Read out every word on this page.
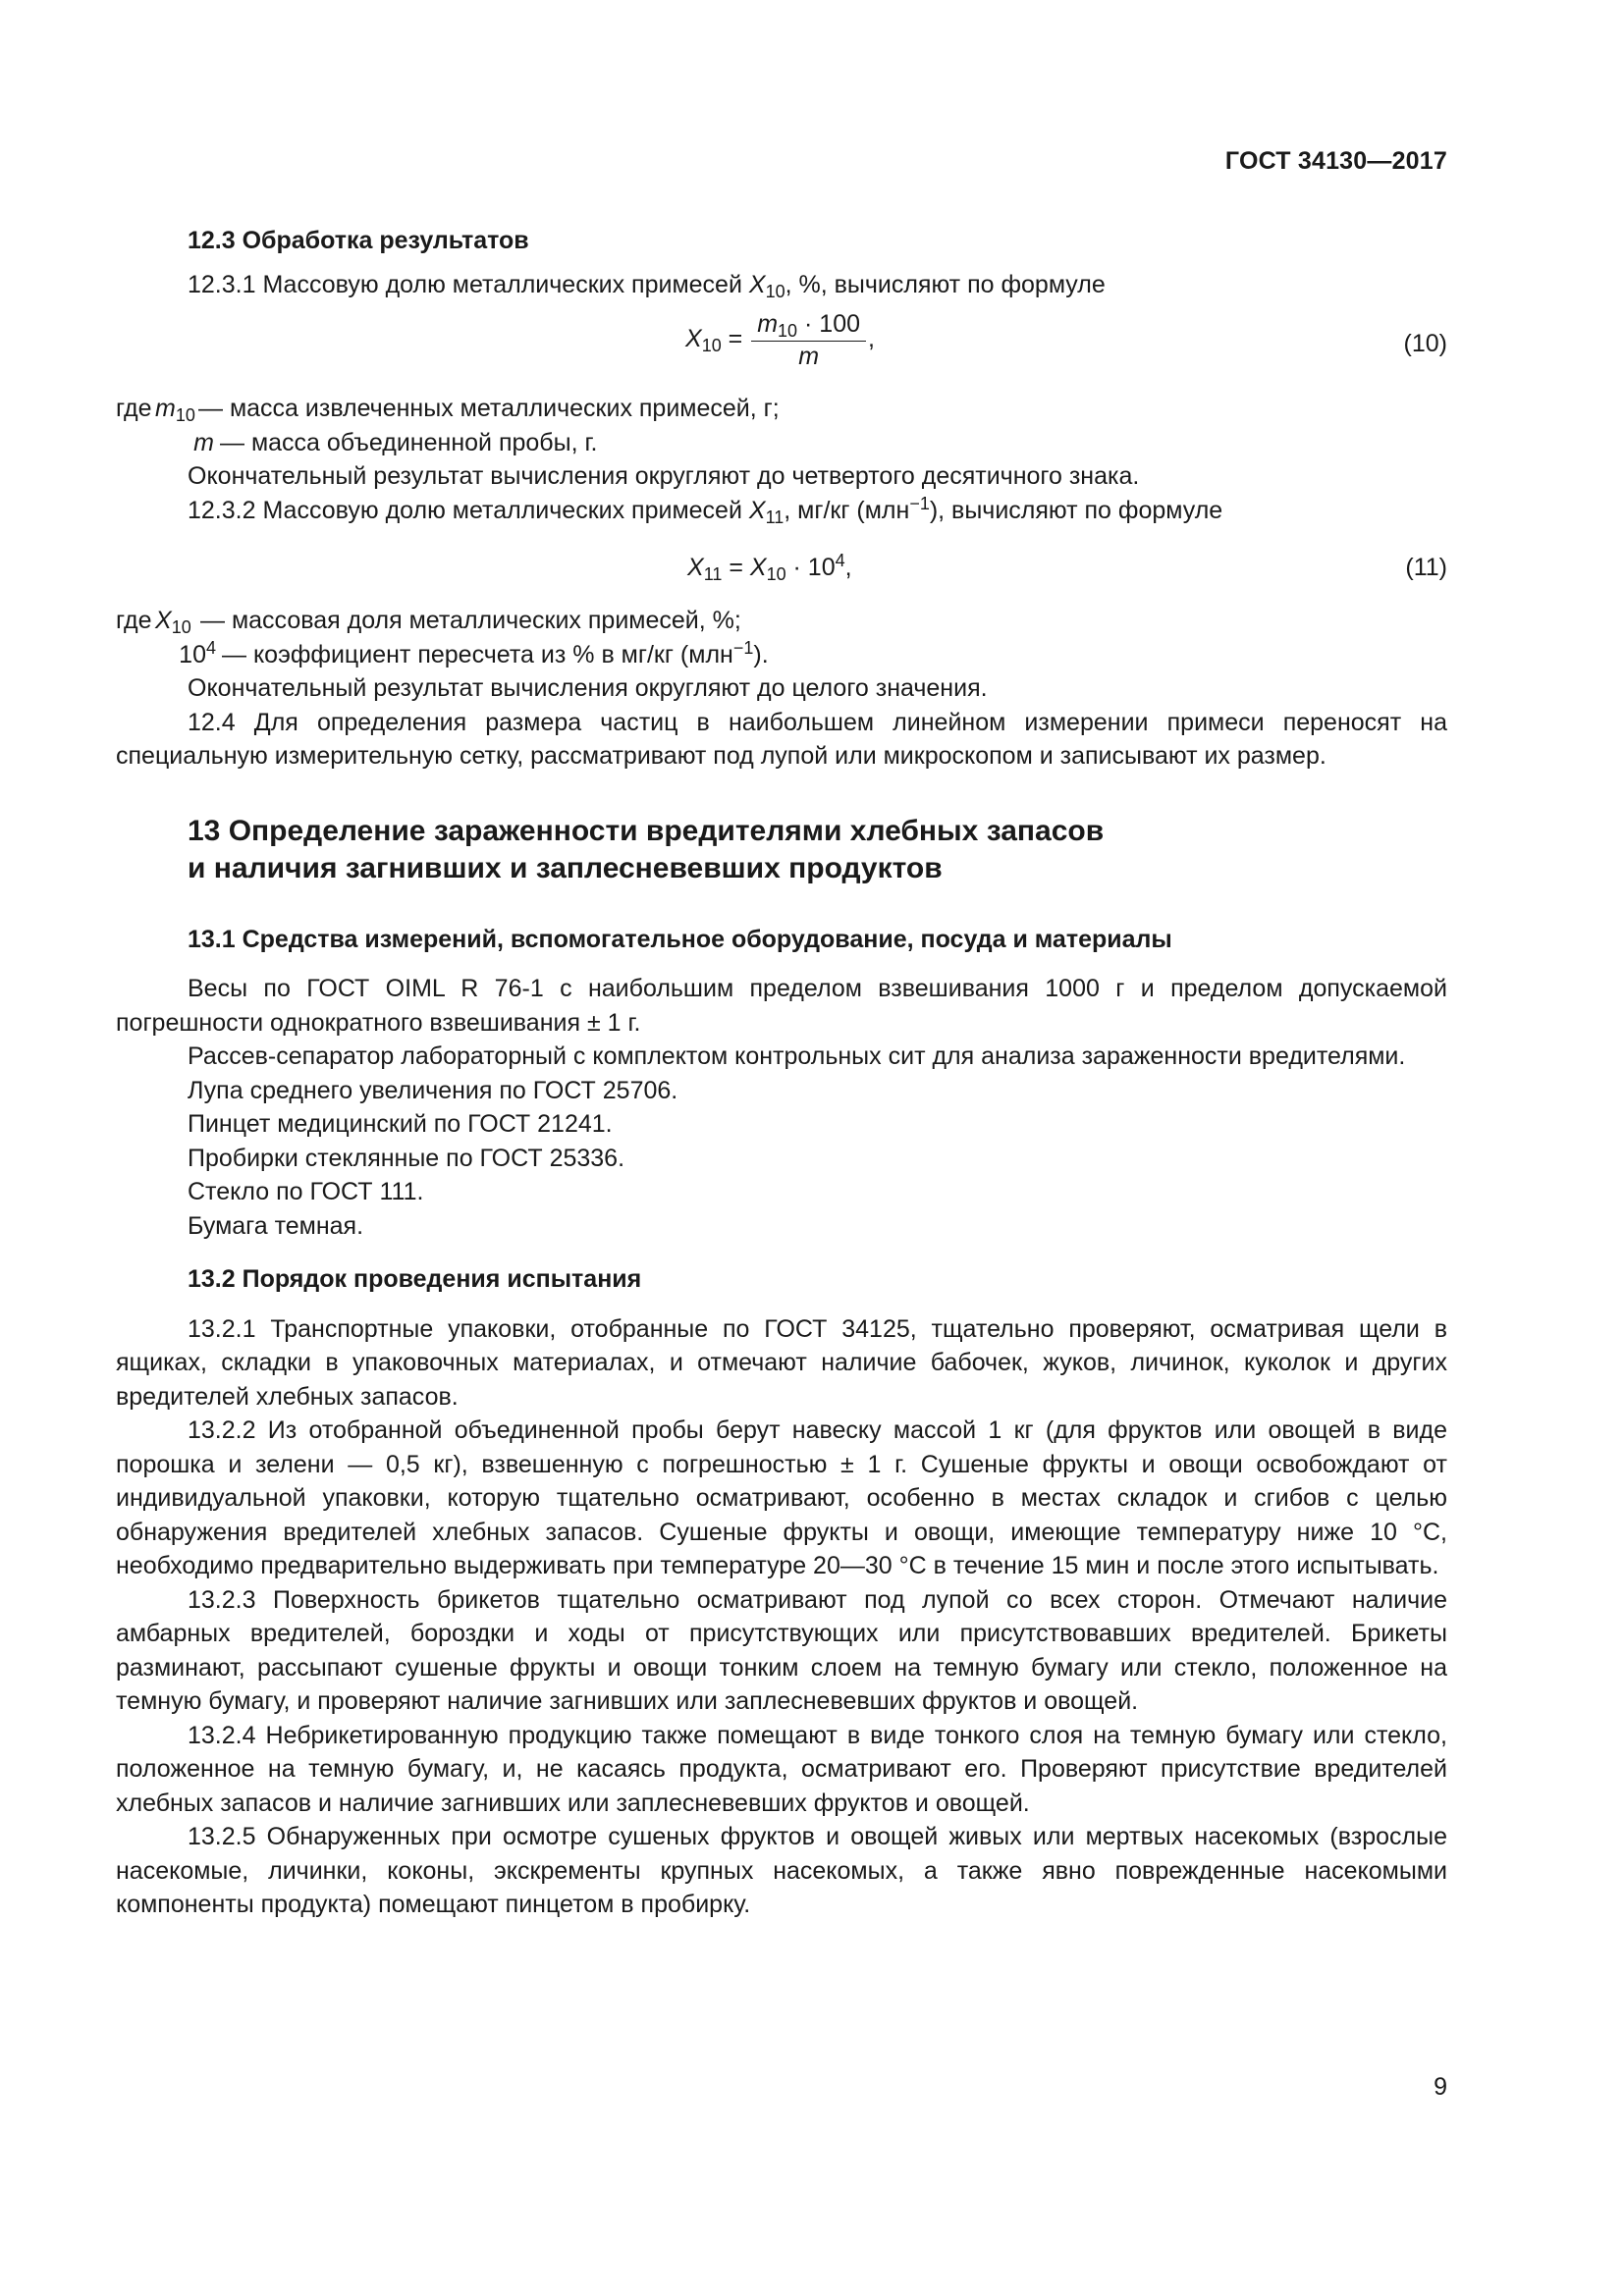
ГОСТ 34130—2017

12.3 Обработка результатов

12.3.1 Массовую долю металлических примесей $X_{10}$, %, вычисляют по формуле

$X_{10} = \frac{m_{10} \cdot 100}{m}$ ,	(10)
где $m_{10}$ — масса извлеченных металлических примесей, г;
m — масса объединенной пробы, г.

Окончательный результат вычисления округляют до четвертого десятичного знака.

12.3.2 Массовую долю металлических примесей $X_{11}$, мг/кг (млн$^{-1}$), вычисляют по формуле

$X_{11} = X_{10} \cdot 10^4$,	(11)
где $X_{10}$ — массовая доля металлических примесей, %;
$10^4$ — коэффициент пересчета из % в мг/кг (млн$^{-1}$).

Окончательный результат вычисления округляют до целого значения.

12.4 Для определения размера частиц в наибольшем линейном измерении примеси переносят на специальную измерительную сетку, рассматривают под лупой или микроскопом и записывают их размер.

13 Определение зараженности вредителями хлебных запасов
и наличия загнивших и заплесневевших продуктов

13.1 Средства измерений, вспомогательное оборудование, посуда и материалы

Весы по ГОСТ OIML R 76-1 с наибольшим пределом взвешивания 1000 г и пределом допускаемой погрешности однократного взвешивания ± 1 г.

Рассев-сепаратор лабораторный с комплектом контрольных сит для анализа зараженности вредителями.

Лупа среднего увеличения по ГОСТ 25706.

Пинцет медицинский по ГОСТ 21241.

Пробирки стеклянные по ГОСТ 25336.

Стекло по ГОСТ 111.

Бумага темная.

13.2 Порядок проведения испытания

13.2.1 Транспортные упаковки, отобранные по ГОСТ 34125, тщательно проверяют, осматривая щели в ящиках, складки в упаковочных материалах, и отмечают наличие бабочек, жуков, личинок, куколок и других вредителей хлебных запасов.

13.2.2 Из отобранной объединенной пробы берут навеску массой 1 кг (для фруктов или овощей в виде порошка и зелени — 0,5 кг), взвешенную с погрешностью ± 1 г. Сушеные фрукты и овощи освобождают от индивидуальной упаковки, которую тщательно осматривают, особенно в местах складок и сгибов с целью обнаружения вредителей хлебных запасов. Сушеные фрукты и овощи, имеющие температуру ниже 10 °С, необходимо предварительно выдерживать при температуре 20—30 °С в течение 15 мин и после этого испытывать.

13.2.3 Поверхность брикетов тщательно осматривают под лупой со всех сторон. Отмечают наличие амбарных вредителей, бороздки и ходы от присутствующих или присутствовавших вредителей. Брикеты разминают, рассыпают сушеные фрукты и овощи тонким слоем на темную бумагу или стекло, положенное на темную бумагу, и проверяют наличие загнивших или заплесневевших фруктов и овощей.

13.2.4 Небрикетированную продукцию также помещают в виде тонкого слоя на темную бумагу или стекло, положенное на темную бумагу, и, не касаясь продукта, осматривают его. Проверяют присутствие вредителей хлебных запасов и наличие загнивших или заплесневевших фруктов и овощей.

13.2.5 Обнаруженных при осмотре сушеных фруктов и овощей живых или мертвых насекомых (взрослые насекомые, личинки, коконы, экскременты крупных насекомых, а также явно поврежденные насекомыми компоненты продукта) помещают пинцетом в пробирку.

9
